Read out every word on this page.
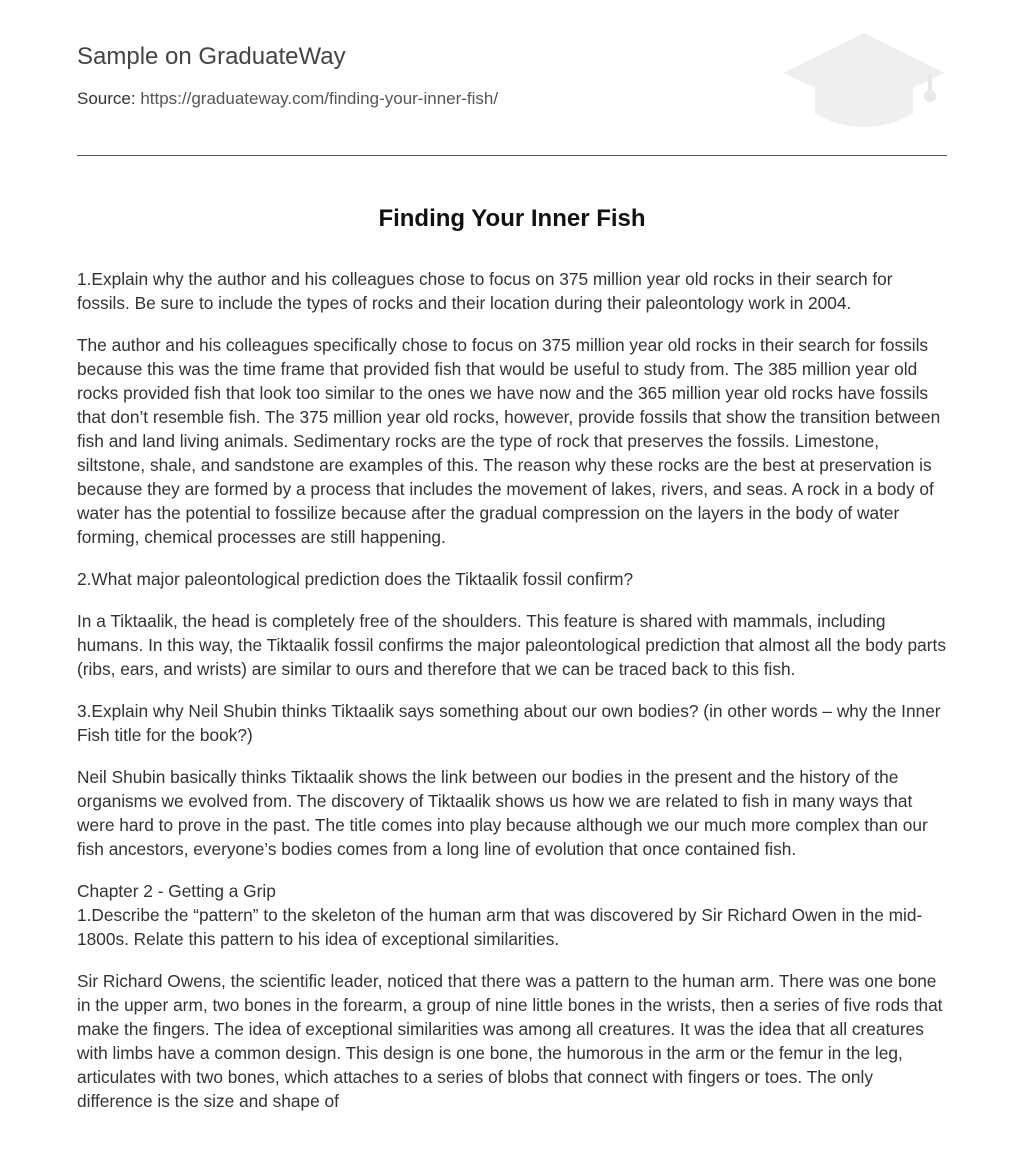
Sample on GraduateWay
Source: https://graduateway.com/finding-your-inner-fish/
Finding Your Inner Fish

1.Explain why the author and his colleagues chose to focus on 375 million year old rocks in their search for fossils. Be sure to include the types of rocks and their location during their paleontology work in 2004.

The author and his colleagues specifically chose to focus on 375 million year old rocks in their search for fossils because this was the time frame that provided fish that would be useful to study from. The 385 million year old rocks provided fish that look too similar to the ones we have now and the 365 million year old rocks have fossils that don’t resemble fish. The 375 million year old rocks, however, provide fossils that show the transition between fish and land living animals. Sedimentary rocks are the type of rock that preserves the fossils. Limestone, siltstone, shale, and sandstone are examples of this. The reason why these rocks are the best at preservation is because they are formed by a process that includes the movement of lakes, rivers, and seas. A rock in a body of water has the potential to fossilize because after the gradual compression on the layers in the body of water forming, chemical processes are still happening.

2.What major paleontological prediction does the Tiktaalik fossil confirm?

In a Tiktaalik, the head is completely free of the shoulders. This feature is shared with mammals, including humans. In this way, the Tiktaalik fossil confirms the major paleontological prediction that almost all the body parts (ribs, ears, and wrists) are similar to ours and therefore that we can be traced back to this fish.

3.Explain why Neil Shubin thinks Tiktaalik says something about our own bodies? (in other words – why the Inner Fish title for the book?)

Neil Shubin basically thinks Tiktaalik shows the link between our bodies in the present and the history of the organisms we evolved from. The discovery of Tiktaalik shows us how we are related to fish in many ways that were hard to prove in the past. The title comes into play because although we our much more complex than our fish ancestors, everyone’s bodies comes from a long line of evolution that once contained fish.

Chapter 2 - Getting a Grip
1.Describe the “pattern” to the skeleton of the human arm that was discovered by Sir Richard Owen in the mid-1800s. Relate this pattern to his idea of exceptional similarities.

Sir Richard Owens, the scientific leader, noticed that there was a pattern to the human arm. There was one bone in the upper arm, two bones in the forearm, a group of nine little bones in the wrists, then a series of five rods that make the fingers. The idea of exceptional similarities was among all creatures. It was the idea that all creatures with limbs have a common design. This design is one bone, the humorous in the arm or the femur in the leg, articulates with two bones, which attaches to a series of blobs that connect with fingers or toes. The only difference is the size and shape of
